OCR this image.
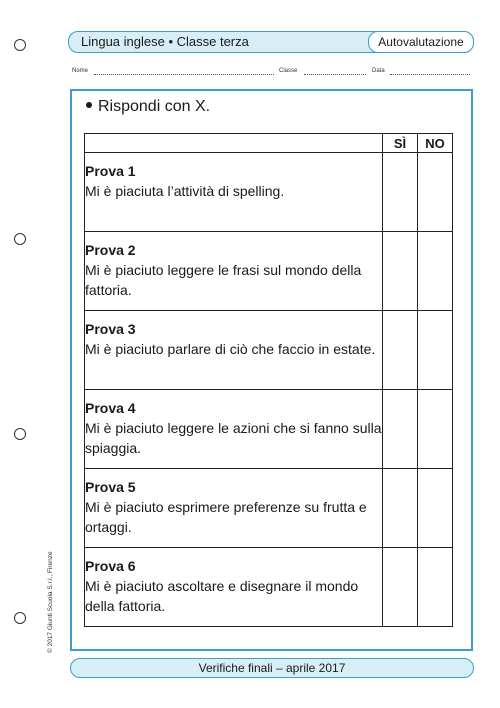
Lingua inglese • Classe terza	Autovalutazione
Nome	Classe	Data
Rispondi con X.
	SÌ	NO

Prova 1
Mi è piaciuta l’attività di spelling.		

Prova 2
Mi è piaciuto leggere le frasi sul mondo della fattoria.		

Prova 3
Mi è piaciuto parlare di ciò che faccio in estate.		

Prova 4
Mi è piaciuto leggere le azioni che si fanno sulla spiaggia.		

Prova 5
Mi è piaciuto esprimere preferenze su frutta e ortaggi.		

Prova 6
Mi è piaciuto ascoltare e disegnare il mondo della fattoria.		
© 2017 Giunti Scuola S.r.l., Firenze
Verifiche finali – aprile 2017
